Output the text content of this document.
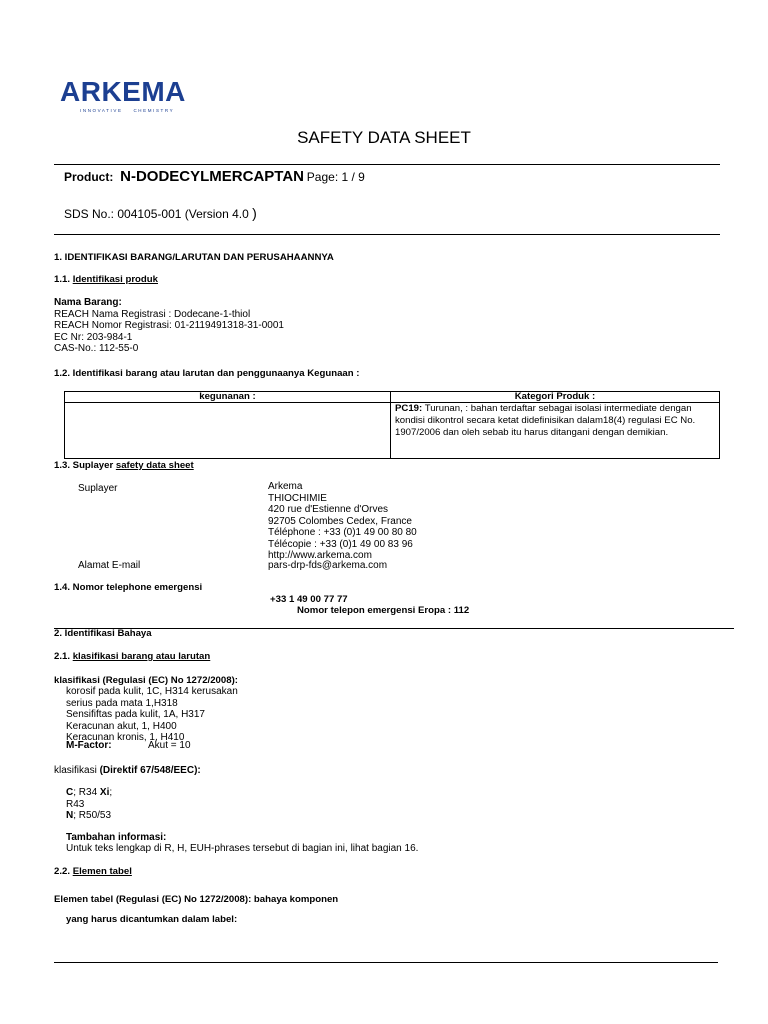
ARKEMA
INNOVATIVE CHEMISTRY
SAFETY DATA SHEET
Product: N-DODECYLMERCAPTAN Page: 1 / 9
SDS No.: 004105-001 (Version 4.0 )
1. IDENTIFIKASI BARANG/LARUTAN DAN PERUSAHAANNYA
1.1. Identifikasi produk
Nama Barang:
REACH Nama Registrasi : Dodecane-1-thiol
REACH Nomor Registrasi: 01-2119491318-31-0001
EC Nr: 203-984-1
CAS-No.: 112-55-0
1.2. Identifikasi barang atau larutan dan penggunaanya Kegunaan :
kegunanan :	Kategori Produk :
	PC19: Turunan, : bahan terdaftar sebagai isolasi intermediate dengan kondisi dikontrol secara ketat didefinisikan dalam18(4) regulasi EC No. 1907/2006 dan oleh sebab itu harus ditangani dengan demikian.
1.3. Suplayer safety data sheet
Suplayer	Arkema
THIOCHIMIE
420 rue d'Estienne d'Orves
92705 Colombes Cedex, France
Téléphone : +33 (0)1 49 00 80 80
Télécopie : +33 (0)1 49 00 83 96
http://www.arkema.com
Alamat E-mail	pars-drp-fds@arkema.com
1.4. Nomor telephone emergensi
+33 1 49 00 77 77
Nomor telepon emergensi Eropa : 112
2. Identifikasi Bahaya
2.1. klasifikasi barang atau larutan
klasifikasi (Regulasi (EC) No 1272/2008):
korosif pada kulit, 1C, H314 kerusakan
serius pada mata 1,H318
Sensififtas pada kulit, 1A, H317
Keracunan akut, 1, H400
Keracunan kronis, 1, H410
M-Factor:	Akut = 10
klasifikasi (Direktif 67/548/EEC):
C; R34 Xi;
R43
N; R50/53
Tambahan informasi:
Untuk teks lengkap di R, H, EUH-phrases tersebut di bagian ini, lihat bagian 16.
2.2. Elemen tabel
Elemen tabel (Regulasi (EC) No 1272/2008): bahaya komponen
yang harus dicantumkan dalam label:
